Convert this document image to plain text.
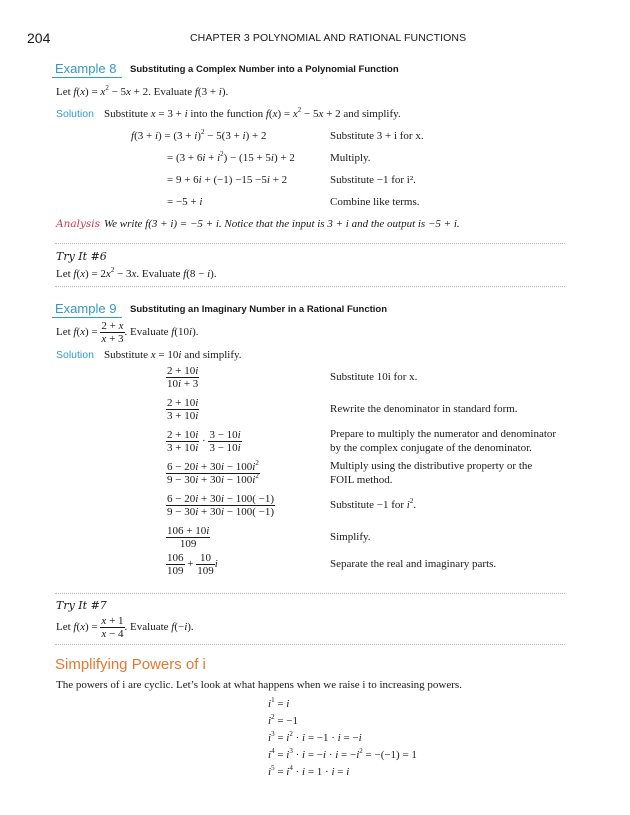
204	CHAPTER 3 POLYNOMIAL AND RATIONAL FUNCTIONS
Example 8 Substituting a Complex Number into a Polynomial Function
Let $f(x) = x^2 - 5x + 2$. Evaluate f(3 + i).
Solution Substitute x = 3 + i into the function $f(x) = x^2 - 5x + 2$ and simplify.
$f(3 + i) = (3 + i)^2 - 5(3 + i) + 2$	Substitute 3 + i for x.
= $(3 + 6i + i^2) - (15 + 5i) + 2$	Multiply.
= 9 + 6i + (−1) −15 −5i + 2	Substitute −1 for i².
= −5 + i	Combine like terms.
Analysis We write f(3 + i) = −5 + i. Notice that the input is 3 + i and the output is −5 + i.
Try It #6
Let $f(x) = 2x^2 - 3x$. Evaluate f(8 − i).
Example 9 Substituting an Imaginary Number in a Rational Function
Let $f(x) = \frac{2 + x}{x + 3}$ . Evaluate f(10i).
Solution Substitute x = 10i and simplify.
$\frac{2 + 10i}{10i + 3}$	Substitute 10i for x.
$\frac{2 + 10i}{3 + 10i}$	Rewrite the denominator in standard form.
$\frac{2 + 10i}{3 + 10i} \cdot \frac{3 - 10i}{3 - 10i}$	Prepare to multiply the numerator and denominator
by the complex conjugate of the denominator.
$\frac{6 - 20i + 30i - 100i^2}{9 - 30i + 30i - 100i^2}$	Multiply using the distributive property or the
FOIL method.
$\frac{6 - 20i + 30i - 100( -1)}{9 - 30i + 30i - 100( -1)}$	Substitute −1 for $i^2$.
$\frac{106 + 10i}{109}$	Simplify.
$\frac{106}{109} + \frac{10}{109}$ i	Separate the real and imaginary parts.
Try It #7
Let $f(x) = \frac{x + 1}{x - 4}$ . Evaluate f(−i).
Simplifying Powers of i
The powers of i are cyclic. Let’s look at what happens when we raise i to increasing powers.
$i^1 = i$
$i^2 = -1$
$i^3 = i^2 \cdot i = -1 \cdot i = -i$
$i^4 = i^3 \cdot i = -i \cdot i = -i^2 = -(-1) = 1$
$i^5 = i^4 \cdot i = 1 \cdot i = i$
